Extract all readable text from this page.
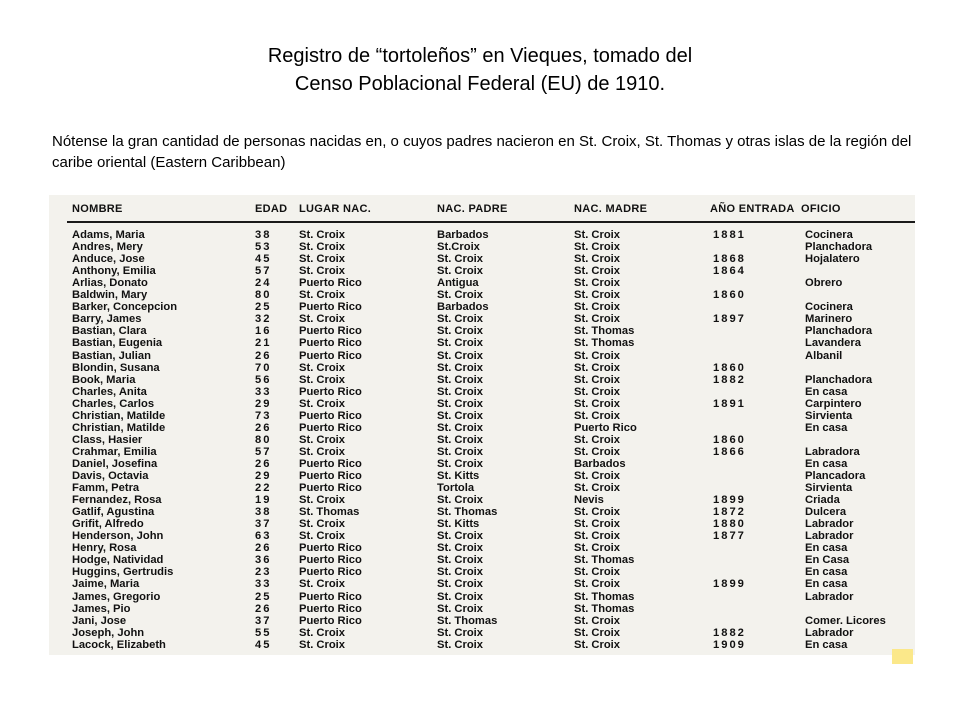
Registro de “tortoleños” en Vieques, tomado del
Censo Poblacional Federal (EU) de 1910.
Nótense la gran cantidad de personas nacidas en, o cuyos padres nacieron en St. Croix, St. Thomas y otras islas de la región del caribe oriental (Eastern Caribbean)
NOMBRE	EDAD LUGAR NAC.	NAC. PADRE	NAC. MADRE	AÑO ENTRADA OFICIO
Adams, Maria	38 St. Croix	Barbados	St. Croix	1881	Cocinera
Andres, Mery	53 St. Croix	St.Croix	St. Croix	Planchadora
Anduce, Jose	45 St. Croix	St. Croix	St. Croix	1868	Hojalatero
Anthony, Emilia	57 St. Croix	St. Croix	St. Croix	1864
Arlias, Donato	24 Puerto Rico	Antigua	St. Croix	Obrero
Baldwin, Mary	80 St. Croix	St. Croix	St. Croix	1860
Barker, Concepcion	25 Puerto Rico	Barbados	St. Croix	Cocinera
Barry, James	32 St. Croix	St. Croix	St. Croix	1897	Marinero
Bastian, Clara	16 Puerto Rico	St. Croix	St. Thomas	Planchadora
Bastian, Eugenia	21 Puerto Rico	St. Croix	St. Thomas	Lavandera
Bastian, Julian	26 Puerto Rico	St. Croix	St. Croix	Albanil
Blondin, Susana	70 St. Croix	St. Croix	St. Croix	1860
Book, Maria	56 St. Croix	St. Croix	St. Croix	1882	Planchadora
Charles, Anita	33 Puerto Rico	St. Croix	St. Croix	En casa
Charles, Carlos	29 St. Croix	St. Croix	St. Croix	1891	Carpintero
Christian, Matilde	73 Puerto Rico	St. Croix	St. Croix	Sirvienta
Christian, Matilde	26 Puerto Rico	St. Croix	Puerto Rico	En casa
Class, Hasier	80 St. Croix	St. Croix	St. Croix	1860
Crahmar, Emilia	57 St. Croix	St. Croix	St. Croix	1866	Labradora
Daniel, Josefina	26 Puerto Rico	St. Croix	Barbados	En casa
Davis, Octavia	29 Puerto Rico	St. Kitts	St. Croix	Plancadora
Famm, Petra	22 Puerto Rico	Tortola	St. Croix	Sirvienta
Fernandez, Rosa	19 St. Croix	St. Croix	Nevis	1899	Criada
Gatlif, Agustina	38 St. Thomas	St. Thomas	St. Croix	1872	Dulcera
Grifit, Alfredo	37 St. Croix	St. Kitts	St. Croix	1880	Labrador
Henderson, John	63 St. Croix	St. Croix	St. Croix	1877	Labrador
Henry, Rosa	26 Puerto Rico	St. Croix	St. Croix	En casa
Hodge, Natividad	36 Puerto Rico	St. Croix	St. Thomas	En Casa
Huggins, Gertrudis	23 Puerto Rico	St. Croix	St. Croix	En casa
Jaime, Maria	33 St. Croix	St. Croix	St. Croix	1899	En casa
James, Gregorio	25 Puerto Rico	St. Croix	St. Thomas	Labrador
James, Pio	26 Puerto Rico	St. Croix	St. Thomas
Jani, Jose	37 Puerto Rico	St. Thomas	St. Croix	Comer. Licores
Joseph, John	55 St. Croix	St. Croix	St. Croix	1882	Labrador
Lacock, Elizabeth	45 St. Croix	St. Croix	St. Croix	1909	En casa
